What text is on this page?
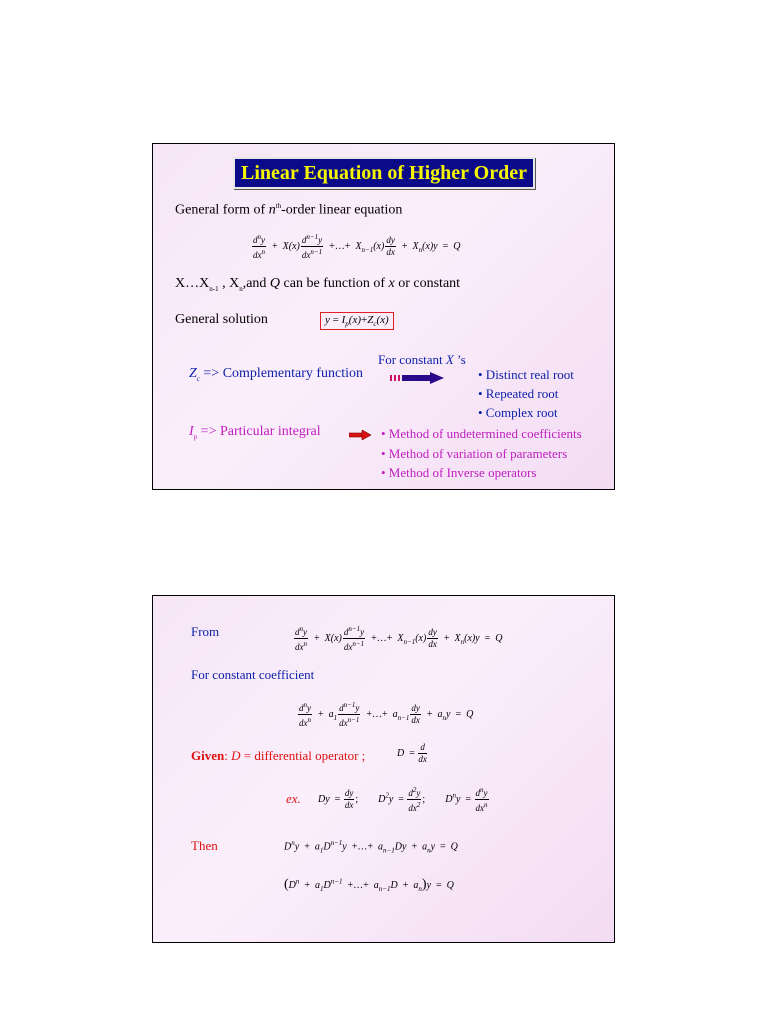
Linear Equation of Higher Order
General form of $n^{th}$-order linear equation
$\frac{d^ny}{dx^n} + X(x) \frac{d^{n-1}y}{dx^{n-1}}$ +…+  $X_{n-1}(x) \frac{dy}{dx} + X_n(x)y = Q$
$X\dots X_{n-1}$ , $X_n,and$ Q can be function of x or constant
General solution	$y = I_p(x)+Z_c(x)$
For constant X ’s
$Z_c$ => Complementary function	• Distinct real root
• Repeated root
• Complex root
$I_p$ => Particular integral	• Method of undetermined coefficients
• Method of variation of parameters
• Method of Inverse operators
From	$\frac{d^ny}{dx^n} + X(x) \frac{d^{n-1}y}{dx^{n-1}}$ +…+  $X_{n-1}(x) \frac{dy}{dx} + X_n(x)y = Q$
For constant coefficient
$\frac{d^ny}{dx^n} + a_1 \frac{d^{n-1}y}{dx^{n-1}}$ +…+  $a_{n-1} \frac{dy}{dx} + a_ny = Q$
Given: D = differential operator ;	$D = \frac{d}{dx}$
ex. $Dy = \frac{dy}{dx}$ ;        $D^2y = \frac{d^2y}{dx^2}$ ;        $D^ny = \frac{d^ny}{dx^n}$
Then	$D^ny + a_1D^{n-1}y$  +…+  $a_{n-1}Dy + a_ny = Q$
($D^n + a_1D^{n-1}$  +…+  $a_{n-1}D + a_n)y = Q$
